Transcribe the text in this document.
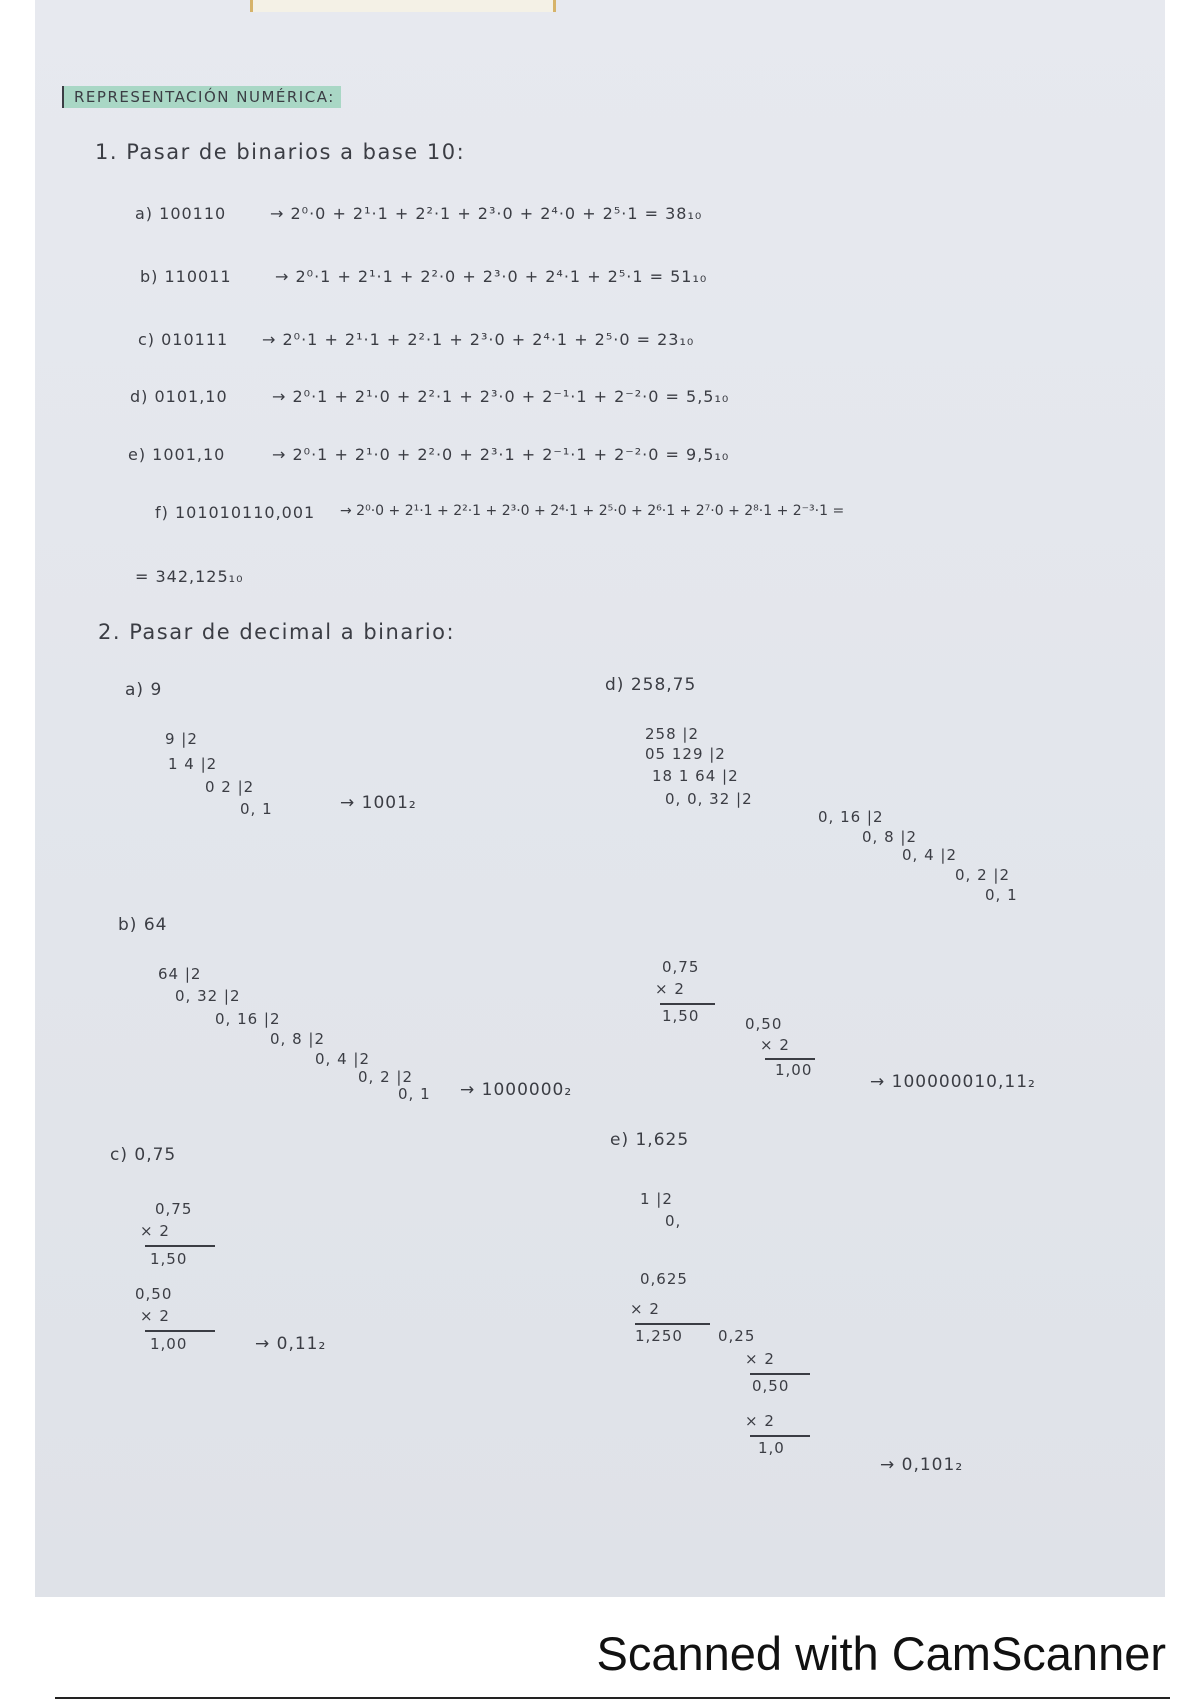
REPRESENTACIÓN NUMÉRICA:
1. Pasar de binarios a base 10:
a) 100110	→ 2⁰·0 + 2¹·1 + 2²·1 + 2³·0 + 2⁴·0 + 2⁵·1 = 38₁₀
b) 110011	→ 2⁰·1 + 2¹·1 + 2²·0 + 2³·0 + 2⁴·1 + 2⁵·1 = 51₁₀
c) 010111 → 2⁰·1 + 2¹·1 + 2²·1 + 2³·0 + 2⁴·1 + 2⁵·0 = 23₁₀
d) 0101,10	→ 2⁰·1 + 2¹·0 + 2²·1 + 2³·0 + 2⁻¹·1 + 2⁻²·0 = 5,5₁₀
e) 1001,10	→ 2⁰·1 + 2¹·0 + 2²·0 + 2³·1 + 2⁻¹·1 + 2⁻²·0 = 9,5₁₀
f) 101010110,001 → 2⁰·0 + 2¹·1 + 2²·1 + 2³·0 + 2⁴·1 + 2⁵·0 + 2⁶·1 + 2⁷·0 + 2⁸·1 + 2⁻³·1 =
= 342,125₁₀
2. Pasar de decimal a binario:
a) 9
9 |2
1 4 |2
0 2 |2
0, 1	→ 1001₂
d) 258,75
258 |2
05 129 |2
18 1 64 |2
0, 0, 32 |2
0, 16 |2
0, 8 |2
0, 4 |2
0, 2 |2
0, 1
0,75
× 2
1,50	0,50
× 2
1,00
→ 100000010,11₂
b) 64
64 |2
0, 32 |2
0, 16 |2
0, 8 |2
0, 4 |2
0, 2 |2
0, 1 → 1000000₂
c) 0,75
0,75
× 2
1,50
0,50
× 2
1,00	→ 0,11₂
e) 1,625
1 |2
0,
0,625
× 2
1,250 0,25
× 2
0,50
× 2
1,0
→ 0,101₂
Scanned with CamScanner
